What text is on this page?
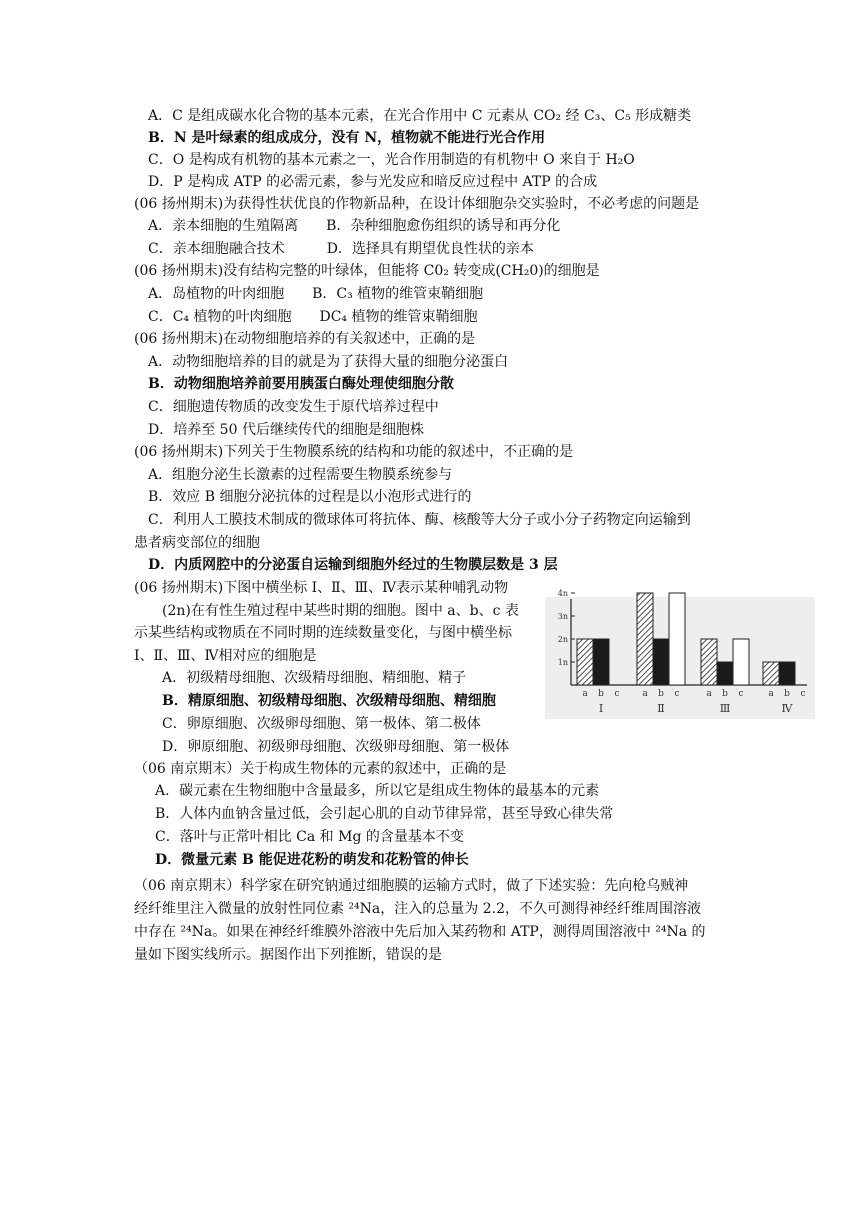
A．C 是组成碳水化合物的基本元素，在光合作用中 C 元素从 CO₂ 经 C₃、C₅ 形成糖类
B．N 是叶绿素的组成成分，没有 N，植物就不能进行光合作用
C．O 是构成有机物的基本元素之一，光合作用制造的有机物中 O 来自于 H₂O
D．P 是构成 ATP 的必需元素，参与光发应和暗反应过程中 ATP 的合成
(06 扬州期末)为获得性状优良的作物新品种，在设计体细胞杂交实验时，不必考虑的问题是
A．亲本细胞的生殖隔离　　B．杂种细胞愈伤组织的诱导和再分化
C．亲本细胞融合技术　　　D．选择具有期望优良性状的亲本
(06 扬州期末)没有结构完整的叶绿体，但能将 C0₂ 转变成(CH₂0)的细胞是
A．岛植物的叶肉细胞　　B．C₃ 植物的维管束鞘细胞
C．C₄ 植物的叶肉细胞　　DC₄ 植物的维管束鞘细胞
(06 扬州期末)在动物细胞培养的有关叙述中，正确的是
A．动物细胞培养的目的就是为了获得大量的细胞分泌蛋白
B．动物细胞培养前要用胰蛋白酶处理使细胞分散
C．细胞遗传物质的改变发生于原代培养过程中
D．培养至 50 代后继续传代的细胞是细胞株
(06 扬州期末)下列关于生物膜系统的结构和功能的叙述中，不正确的是
A．组胞分泌生长激素的过程需要生物膜系统参与
B．效应 B 细胞分泌抗体的过程是以小泡形式进行的
C．利用人工膜技术制成的微球体可将抗体、酶、核酸等大分子或小分子药物定向运输到
患者病变部位的细胞
D．内质网腔中的分泌蛋自运输到细胞外经过的生物膜层数是 3 层
(06 扬州期末)下图中横坐标 I、Ⅱ、Ⅲ、Ⅳ表示某种哺乳动物
(2n)在有性生殖过程中某些时期的细胞。图中 a、b、c 表
示某些结构或物质在不同时期的连续数量变化，与图中横坐标
I、Ⅱ、Ⅲ、Ⅳ相对应的细胞是
A．初级精母细胞、次级精母细胞、精细胞、精子
B．精原细胞、初级精母细胞、次级精母细胞、精细胞
C．卵原细胞、次级卵母细胞、第一极体、第二极体
D．卵原细胞、初级卵母细胞、次级卵母细胞、第一极体
（06 南京期末）关于构成生物体的元素的叙述中，正确的是
A．碳元素在生物细胞中含量最多，所以它是组成生物体的最基本的元素
B．人体内血钠含量过低，会引起心肌的自动节律异常，甚至导致心律失常
C．落叶与正常叶相比 Ca 和 Mg 的含量基本不变
D．微量元素 B 能促进花粉的萌发和花粉管的伸长
（06 南京期末）科学家在研究钠通过细胞膜的运输方式时，做了下述实验：先向枪乌贼神
经纤维里注入微量的放射性同位素 ²⁴Na，注入的总量为 2.2，不久可测得神经纤维周围溶液
中存在 ²⁴Na。如果在神经纤维膜外溶液中先后加入某药物和 ATP，测得周围溶液中 ²⁴Na 的
量如下图实线所示。据图作出下列推断，错误的是
4n
3n
2n
1n
a b c
I
a b c
Ⅱ
a b c
Ⅲ
a b c
Ⅳ
